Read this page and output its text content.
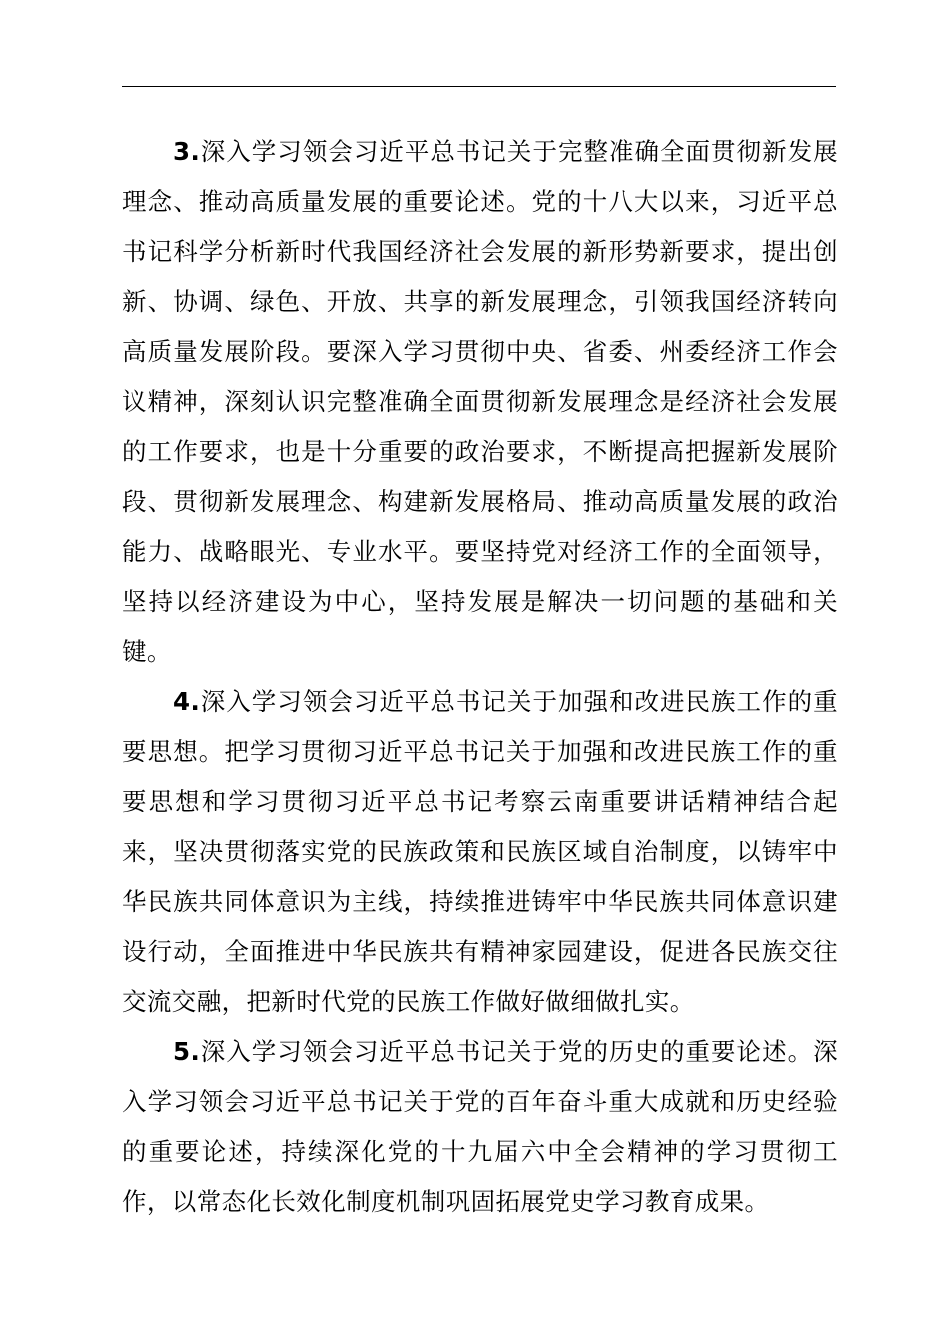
3.深入学习领会习近平总书记关于完整准确全面贯彻新发展理念、推动高质量发展的重要论述。党的十八大以来，习近平总书记科学分析新时代我国经济社会发展的新形势新要求，提出创新、协调、绿色、开放、共享的新发展理念，引领我国经济转向高质量发展阶段。要深入学习贯彻中央、省委、州委经济工作会议精神，深刻认识完整准确全面贯彻新发展理念是经济社会发展的工作要求，也是十分重要的政治要求，不断提高把握新发展阶段、贯彻新发展理念、构建新发展格局、推动高质量发展的政治能力、战略眼光、专业水平。要坚持党对经济工作的全面领导，坚持以经济建设为中心，坚持发展是解决一切问题的基础和关键。

4.深入学习领会习近平总书记关于加强和改进民族工作的重要思想。把学习贯彻习近平总书记关于加强和改进民族工作的重要思想和学习贯彻习近平总书记考察云南重要讲话精神结合起来，坚决贯彻落实党的民族政策和民族区域自治制度，以铸牢中华民族共同体意识为主线，持续推进铸牢中华民族共同体意识建设行动，全面推进中华民族共有精神家园建设，促进各民族交往交流交融，把新时代党的民族工作做好做细做扎实。

5.深入学习领会习近平总书记关于党的历史的重要论述。深入学习领会习近平总书记关于党的百年奋斗重大成就和历史经验的重要论述，持续深化党的十九届六中全会精神的学习贯彻工作，以常态化长效化制度机制巩固拓展党史学习教育成果。
